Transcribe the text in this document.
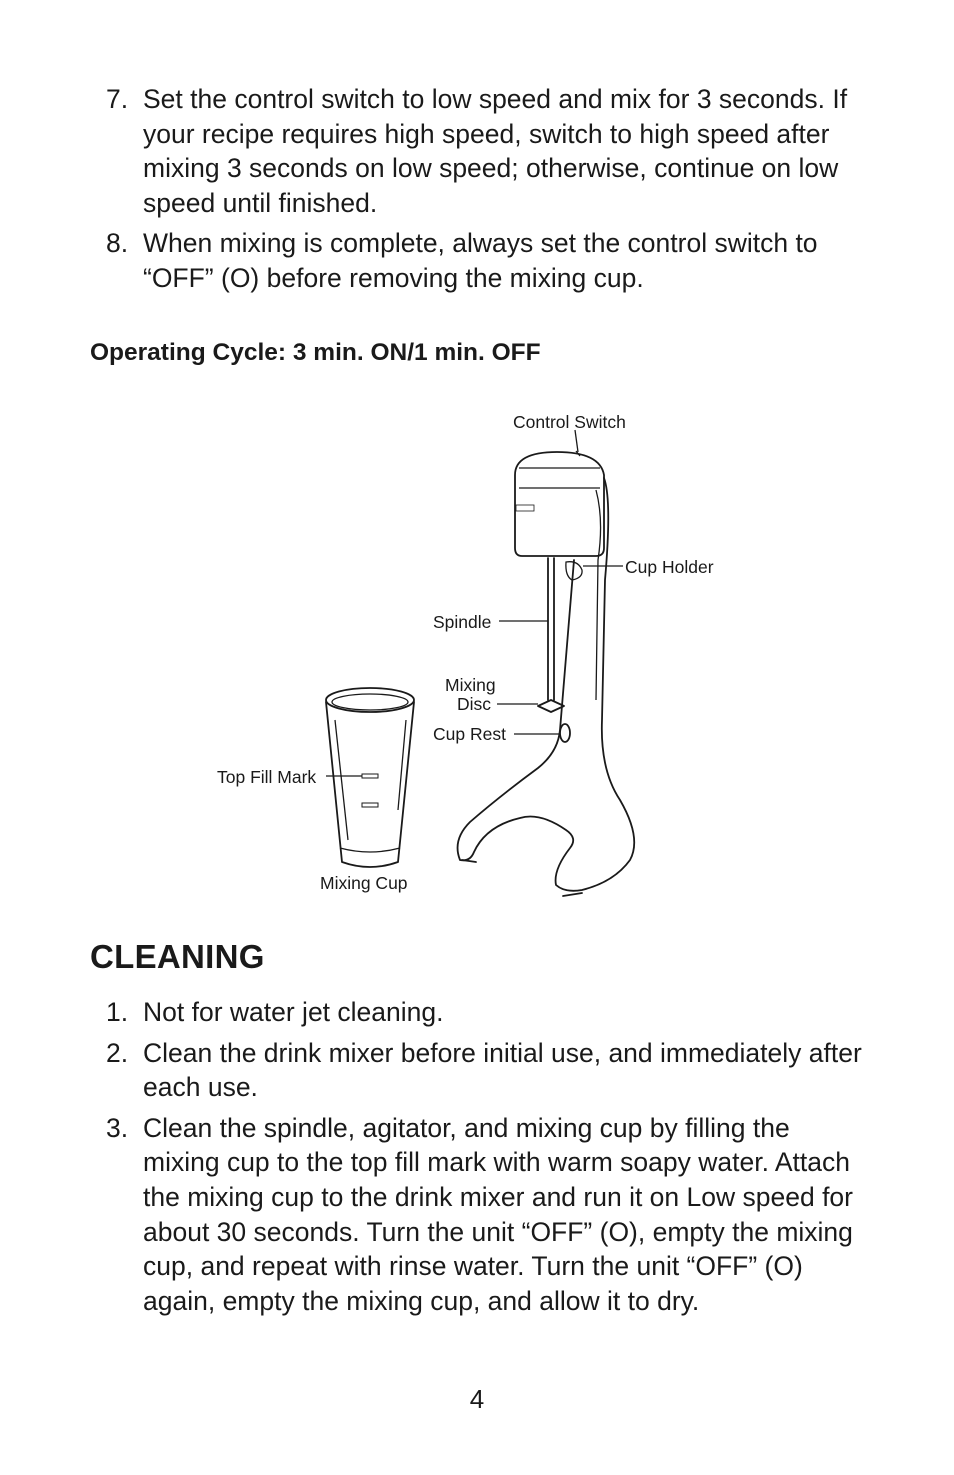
7. Set the control switch to low speed and mix for 3 seconds. If your recipe requires high speed, switch to high speed after mixing 3 seconds on low speed; otherwise, continue on low speed until finished.
8. When mixing is complete, always set the control switch to “OFF” (O) before removing the mixing cup.
Operating Cycle: 3 min. ON/1 min. OFF
Control Switch
Cup Holder
Spindle
Mixing
Disc
Cup Rest
Top Fill Mark
Mixing Cup
CLEANING
1. Not for water jet cleaning.
2. Clean the drink mixer before initial use, and immediately after each use.
3. Clean the spindle, agitator, and mixing cup by filling the mixing cup to the top fill mark with warm soapy water. Attach the mixing cup to the drink mixer and run it on Low speed for about 30 seconds. Turn the unit “OFF” (O), empty the mixing cup, and repeat with rinse water. Turn the unit “OFF” (O) again, empty the mixing cup, and allow it to dry.
4
